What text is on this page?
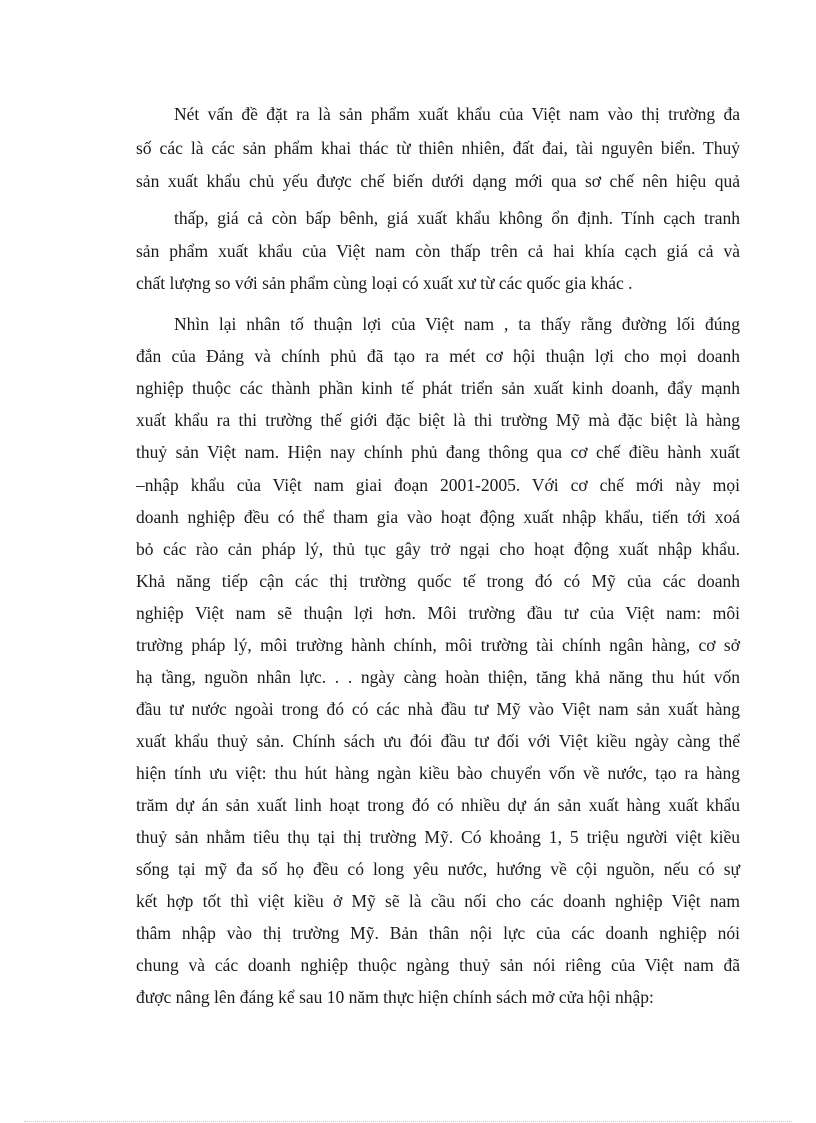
Nét vấn đề đặt ra là sản phẩm xuất khẩu của Việt nam vào thị trường đa

số các là các sản phẩm khai thác từ thiên nhiên, đất đai, tài nguyên biển. Thuỷ

sản xuất khẩu chủ yếu được chế biến dưới dạng mới qua sơ chế nên hiệu quả

thấp, giá cả còn bấp bênh, giá xuất khẩu không ổn định. Tính cạch tranh

sản phẩm xuất khẩu của Việt nam còn thấp trên cả hai khía cạch giá cả và

chất lượng so với sản phẩm cùng loại có xuất xư từ các quốc gia khác .

Nhìn lại nhân tố thuận lợi của Việt nam , ta thấy rằng đường lối đúng

đắn của Đảng và chính phủ đã tạo ra mét cơ hội thuận lợi cho mọi doanh

nghiệp thuộc các thành phần kinh tế phát triển sản xuất kinh doanh, đẩy mạnh

xuất khẩu ra thi trường thế giới đặc biệt là thi trường Mỹ mà đặc biệt là hàng

thuỷ sản Việt nam. Hiện nay chính phủ đang thông qua cơ chế điều hành xuất

–nhập khẩu của Việt nam giai đoạn 2001-2005. Với cơ chế mới này mọi

doanh nghiệp đều có thể tham gia vào hoạt động xuất nhập khẩu, tiến tới xoá

bỏ các rào cản pháp lý, thủ tục gây trở ngại cho hoạt động xuất nhập khẩu.

Khả năng tiếp cận các thị trường quốc tế trong đó có Mỹ của các doanh

nghiệp Việt nam sẽ thuận lợi hơn. Môi trường đầu tư của Việt nam: môi

trường pháp lý, môi trường hành chính, môi trường tài chính ngân hàng, cơ sở

hạ tầng, nguồn nhân lực. . . ngày càng hoàn thiện, tăng khả năng thu hút vốn

đầu tư nước ngoài trong đó có các nhà đầu tư Mỹ vào Việt nam sản xuất hàng

xuất khẩu thuỷ sản. Chính sách ưu đói đầu tư đối với Việt kiều ngày càng thể

hiện tính ưu việt: thu hút hàng ngàn kiều bào chuyển vốn về nước, tạo ra hàng

trăm dự án sản xuất linh hoạt trong đó có nhiều dự án sản xuất hàng xuất khẩu

thuỷ sản nhằm tiêu thụ tại thị trường Mỹ. Có khoảng 1, 5 triệu người việt kiều

sống tại mỹ đa số họ đều có long yêu nước, hướng về cội nguồn, nếu có sự

kết hợp tốt thì việt kiều ở Mỹ sẽ là cầu nối cho các doanh nghiệp Việt nam

thâm nhập vào thị trường Mỹ. Bản thân nội lực của các doanh nghiệp nói

chung và các doanh nghiệp thuộc ngàng thuỷ sản nói riêng của Việt nam đã

được nâng lên đáng kể sau 10 năm thực hiện chính sách mở cửa hội nhập:
